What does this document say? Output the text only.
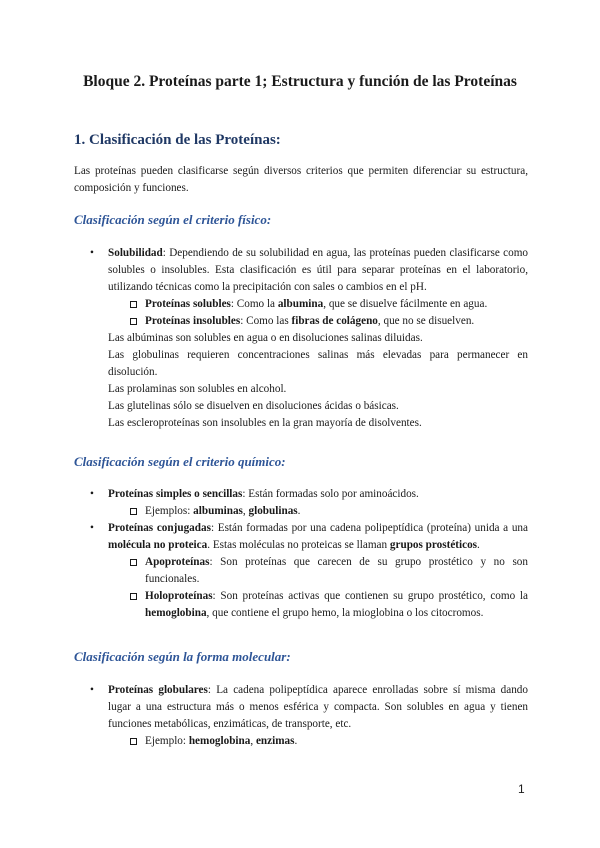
Bloque 2. Proteínas parte 1; Estructura y función de las Proteínas
1. Clasificación de las Proteínas:

Las proteínas pueden clasificarse según diversos criterios que permiten diferenciar su estructura, composición y funciones.

Clasificación según el criterio físico:

• Solubilidad: Dependiendo de su solubilidad en agua, las proteínas pueden clasificarse como solubles o insolubles. Esta clasificación es útil para separar proteínas en el laboratorio, utilizando técnicas como la precipitación con sales o cambios en el pH.

Proteínas solubles: Como la albumina, que se disuelve fácilmente en agua.

Proteínas insolubles: Como las fibras de colágeno, que no se disuelven.

Las albúminas son solubles en agua o en disoluciones salinas diluidas.

Las globulinas requieren concentraciones salinas más elevadas para permanecer en disolución.

Las prolaminas son solubles en alcohol.

Las glutelinas sólo se disuelven en disoluciones ácidas o básicas.

Las escleroproteínas son insolubles en la gran mayoría de disolventes.

Clasificación según el criterio químico:

• Proteínas simples o sencillas: Están formadas solo por aminoácidos.

Ejemplos: albuminas, globulinas.

• Proteínas conjugadas: Están formadas por una cadena polipeptídica (proteína) unida a una molécula no proteica. Estas moléculas no proteicas se llaman grupos prostéticos.

Apoproteínas: Son proteínas que carecen de su grupo prostético y no son funcionales.

Holoproteínas: Son proteínas activas que contienen su grupo prostético, como la hemoglobina, que contiene el grupo hemo, la mioglobina o los citocromos.

Clasificación según la forma molecular:

• Proteínas globulares: La cadena polipeptídica aparece enrolladas sobre sí misma dando lugar a una estructura más o menos esférica y compacta. Son solubles en agua y tienen funciones metabólicas, enzimáticas, de transporte, etc.

Ejemplo: hemoglobina, enzimas.

1
